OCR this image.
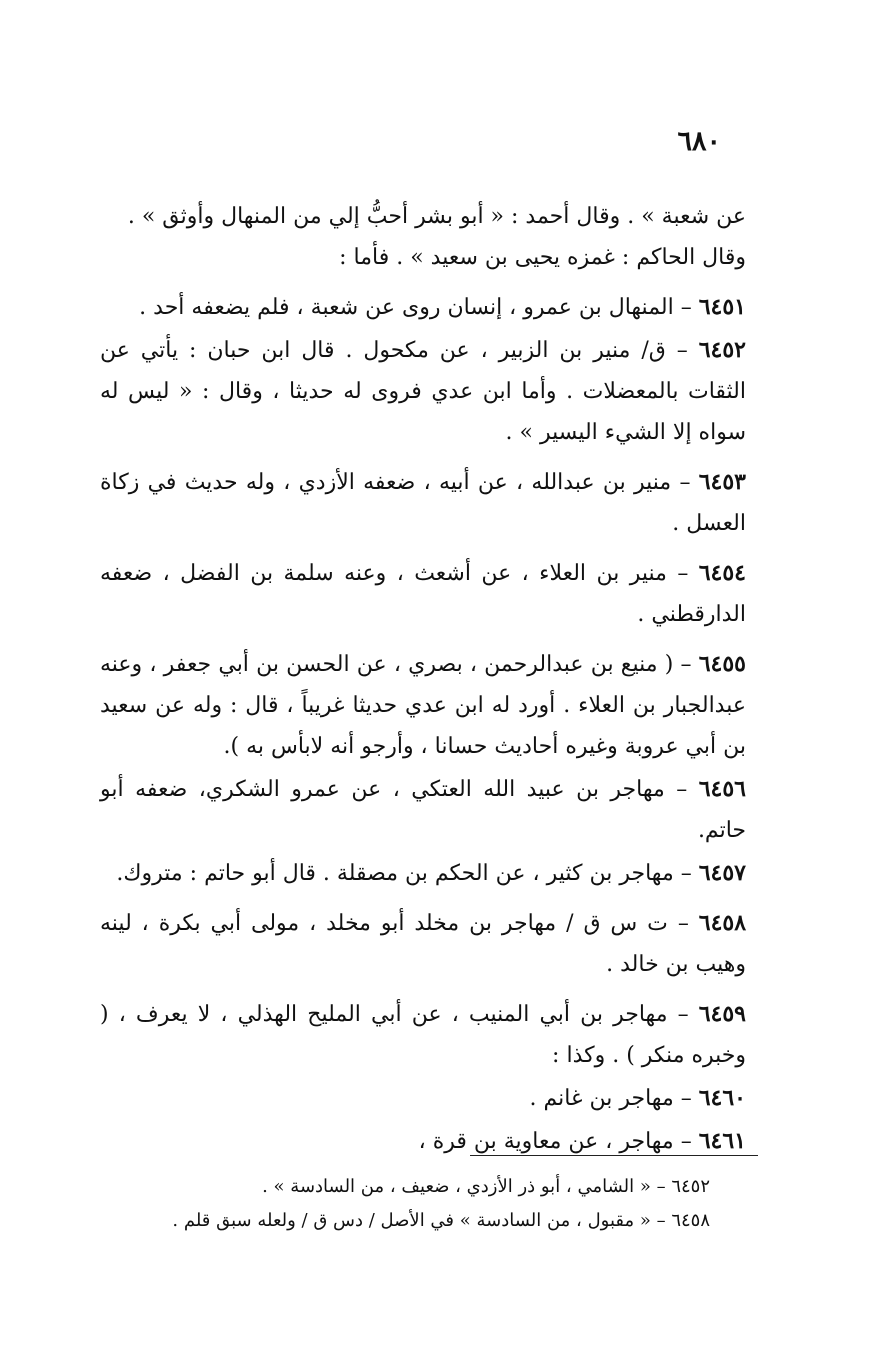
٦٨٠

عن شعبة » . وقال أحمد : « أبو بشر أحبُّ إلي من المنهال وأوثق » .

وقال الحاكم : غمزه يحيى بن سعيد » . فأما :

٦٤٥١ – المنهال بن عمرو ، إنسان روى عن شعبة ، فلم يضعفه أحد .

٦٤٥٢ – ق/ منير بن الزبير ، عن مكحول . قال ابن حبان : يأتي عن الثقات بالمعضلات . وأما ابن عدي فروى له حديثا ، وقال : « ليس له سواه إلا الشيء اليسير » .

٦٤٥٣ – منير بن عبدالله ، عن أبيه ، ضعفه الأزدي ، وله حديث في زكاة العسل .

٦٤٥٤ – منير بن العلاء ، عن أشعث ، وعنه سلمة بن الفضل ، ضعفه الدارقطني .

٦٤٥٥ – ( منيع بن عبدالرحمن ، بصري ، عن الحسن بن أبي جعفر ، وعنه عبدالجبار بن العلاء . أورد له ابن عدي حديثا غريباً ، قال : وله عن سعيد بن أبي عروبة وغيره أحاديث حسانا ، وأرجو أنه لابأس به ).

٦٤٥٦ – مهاجر بن عبيد الله العتكي ، عن عمرو الشكري، ضعفه أبو حاتم.

٦٤٥٧ – مهاجر بن كثير ، عن الحكم بن مصقلة . قال أبو حاتم : متروك.

٦٤٥٨ – ت س ق / مهاجر بن مخلد أبو مخلد ، مولى أبي بكرة ، لينه وهيب بن خالد .

٦٤٥٩ – مهاجر بن أبي المنيب ، عن أبي المليح الهذلي ، لا يعرف ، ( وخبره منكر ) . وكذا :

٦٤٦٠ – مهاجر بن غانم .

٦٤٦١ – مهاجر ، عن معاوية بن قرة ،

٦٤٥٢ – « الشامي ، أبو ذر الأزدي ، ضعيف ، من السادسة » .

٦٤٥٨ – « مقبول ، من السادسة » في الأصل / دس ق / ولعله سبق قلم .
